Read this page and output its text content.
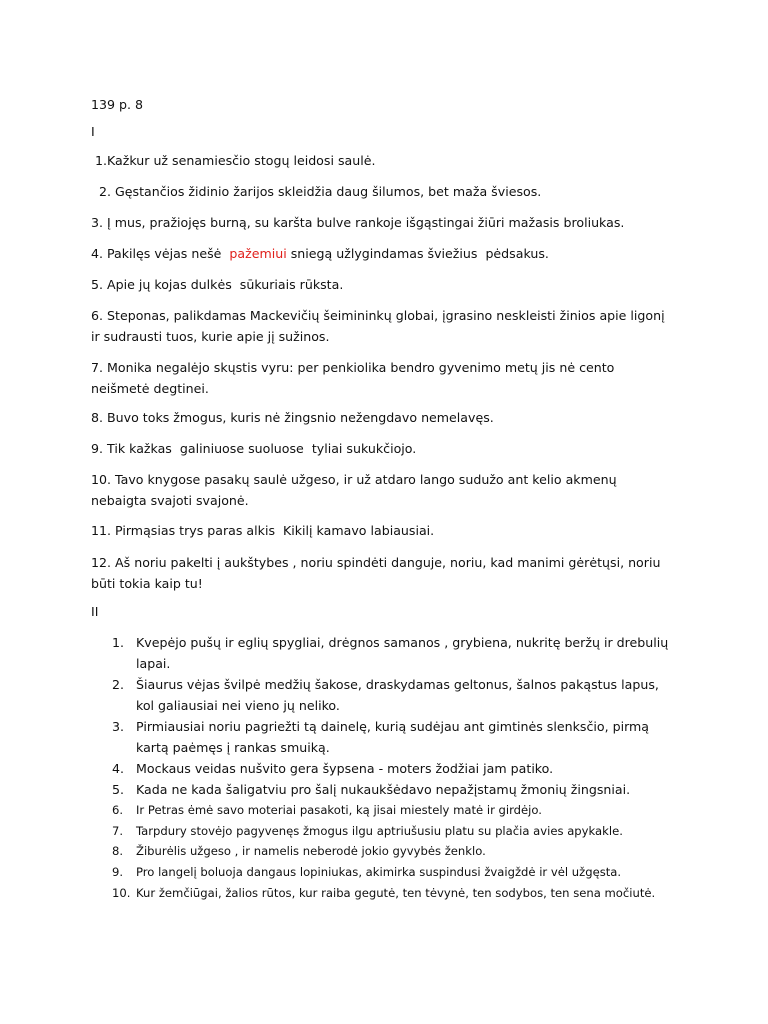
139 p. 8
I
1.Kažkur už senamiesčio stogų leidosi saulė.
2. Gęstančios židinio žarijos skleidžia daug šilumos, bet maža šviesos.
3. Į mus, pražiojęs burną, su karšta bulve rankoje išgąstingai žiūri mažasis broliukas.
4. Pakilęs vėjas nešė  pažemiui sniegą užlygindamas šviežius  pėdsakus.
5. Apie jų kojas dulkės  sūkuriais rūksta.
6. Steponas, palikdamas Mackevičių šeimininkų globai, įgrasino neskleisti žinios apie ligonį ir sudrausti tuos, kurie apie jį sužinos.
7. Monika negalėjo skųstis vyru: per penkiolika bendro gyvenimo metų jis nė cento neišmetė degtinei.
8. Buvo toks žmogus, kuris nė žingsnio nežengdavo nemelavęs.
9. Tik kažkas  galiniuose suoluose  tyliai sukukčiojo.
10. Tavo knygose pasakų saulė užgeso, ir už atdaro lango sudužo ant kelio akmenų nebaigta svajoti svajonė.
11. Pirmąsias trys paras alkis  Kikilį kamavo labiausiai.
12. Aš noriu pakelti į aukštybes , noriu spindėti danguje, noriu, kad manimi gėrėtųsi, noriu būti tokia kaip tu!
II
1. Kvepėjo pušų ir eglių spygliai, drėgnos samanos , grybiena, nukritę beržų ir drebulių lapai.
2. Šiaurus vėjas švilpė medžių šakose, draskydamas geltonus, šalnos pakąstus lapus, kol galiausiai nei vieno jų neliko.
3. Pirmiausiai noriu pagriežti tą dainelę, kurią sudėjau ant gimtinės slenksčio, pirmą kartą paėmęs į rankas smuiką.
4. Mockaus veidas nušvito gera šypsena - moters žodžiai jam patiko.
5. Kada ne kada šaligatviu pro šalį nukaukšėdavo nepažįstamų žmonių žingsniai.
6. Ir Petras ėmė savo moteriai pasakoti, ką jisai miestely matė ir girdėjo.
7. Tarpdury stovėjo pagyvenęs žmogus ilgu aptriušusiu platu su plačia avies apykakle.
8. Žiburėlis užgeso , ir namelis neberodė jokio gyvybės ženklo.
9. Pro langelį boluoja dangaus lopiniukas, akimirka suspindusi žvaigždė ir vėl užgęsta.
10. Kur žemčiūgai, žalios rūtos, kur raiba gegutė, ten tėvynė, ten sodybos, ten sena močiutė.
